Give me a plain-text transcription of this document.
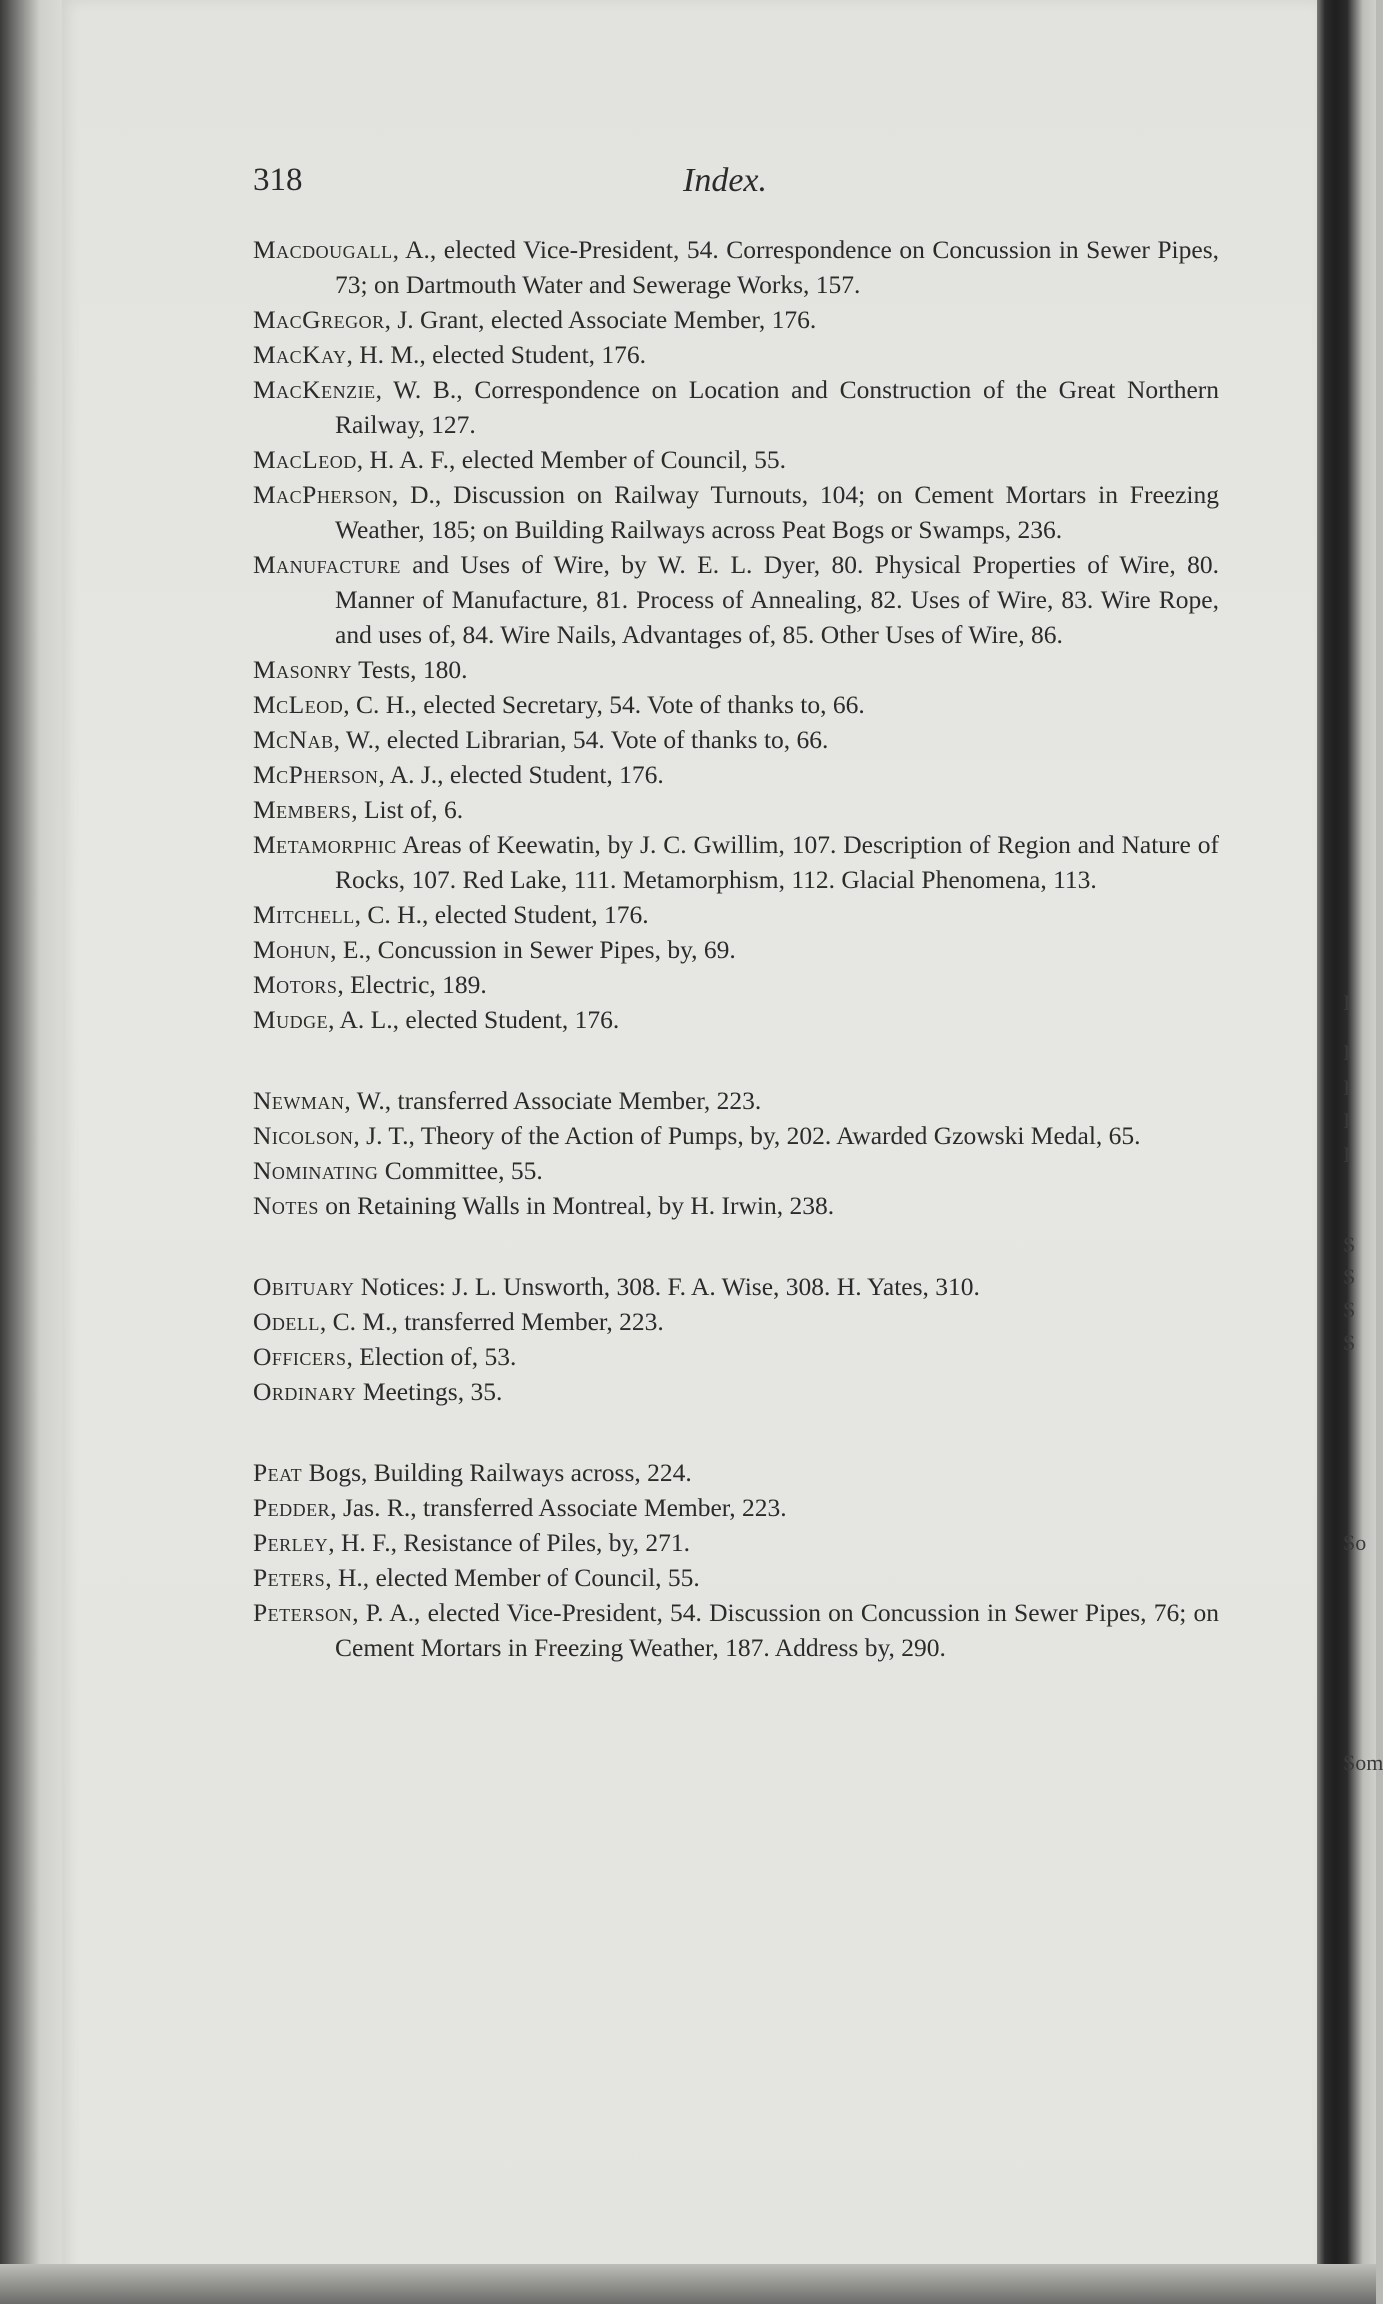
318	Index.

Macdougall, A., elected Vice-President, 54. Correspondence on Concussion in Sewer Pipes, 73; on Dartmouth Water and Sewerage Works, 157.

MacGregor, J. Grant, elected Associate Member, 176.

MacKay, H. M., elected Student, 176.

MacKenzie, W. B., Correspondence on Location and Construction of the Great Northern Railway, 127.

MacLeod, H. A. F., elected Member of Council, 55.

MacPherson, D., Discussion on Railway Turnouts, 104; on Cement Mortars in Freezing Weather, 185; on Building Railways across Peat Bogs or Swamps, 236.

Manufacture and Uses of Wire, by W. E. L. Dyer, 80. Physical Properties of Wire, 80. Manner of Manufacture, 81. Process of Annealing, 82. Uses of Wire, 83. Wire Rope, and uses of, 84. Wire Nails, Advantages of, 85. Other Uses of Wire, 86.

Masonry Tests, 180.

McLeod, C. H., elected Secretary, 54. Vote of thanks to, 66.

McNab, W., elected Librarian, 54. Vote of thanks to, 66.

McPherson, A. J., elected Student, 176.

Members, List of, 6.

Metamorphic Areas of Keewatin, by J. C. Gwillim, 107. Description of Region and Nature of Rocks, 107. Red Lake, 111. Metamorphism, 112. Glacial Phenomena, 113.

Mitchell, C. H., elected Student, 176.

Mohun, E., Concussion in Sewer Pipes, by, 69.

Motors, Electric, 189.

Mudge, A. L., elected Student, 176.

Newman, W., transferred Associate Member, 223.

Nicolson, J. T., Theory of the Action of Pumps, by, 202. Awarded Gzowski Medal, 65.

Nominating Committee, 55.

Notes on Retaining Walls in Montreal, by H. Irwin, 238.

Obituary Notices: J. L. Unsworth, 308. F. A. Wise, 308. H. Yates, 310.

Odell, C. M., transferred Member, 223.

Officers, Election of, 53.

Ordinary Meetings, 35.

Peat Bogs, Building Railways across, 224.

Pedder, Jas. R., transferred Associate Member, 223.

Perley, H. F., Resistance of Piles, by, 271.

Peters, H., elected Member of Council, 55.

Peterson, P. A., elected Vice-President, 54. Discussion on Concussion in Sewer Pipes, 76; on Cement Mortars in Freezing Weather, 187. Address by, 290.

I
I
I
I
I
S
S
S
S
So
Som
